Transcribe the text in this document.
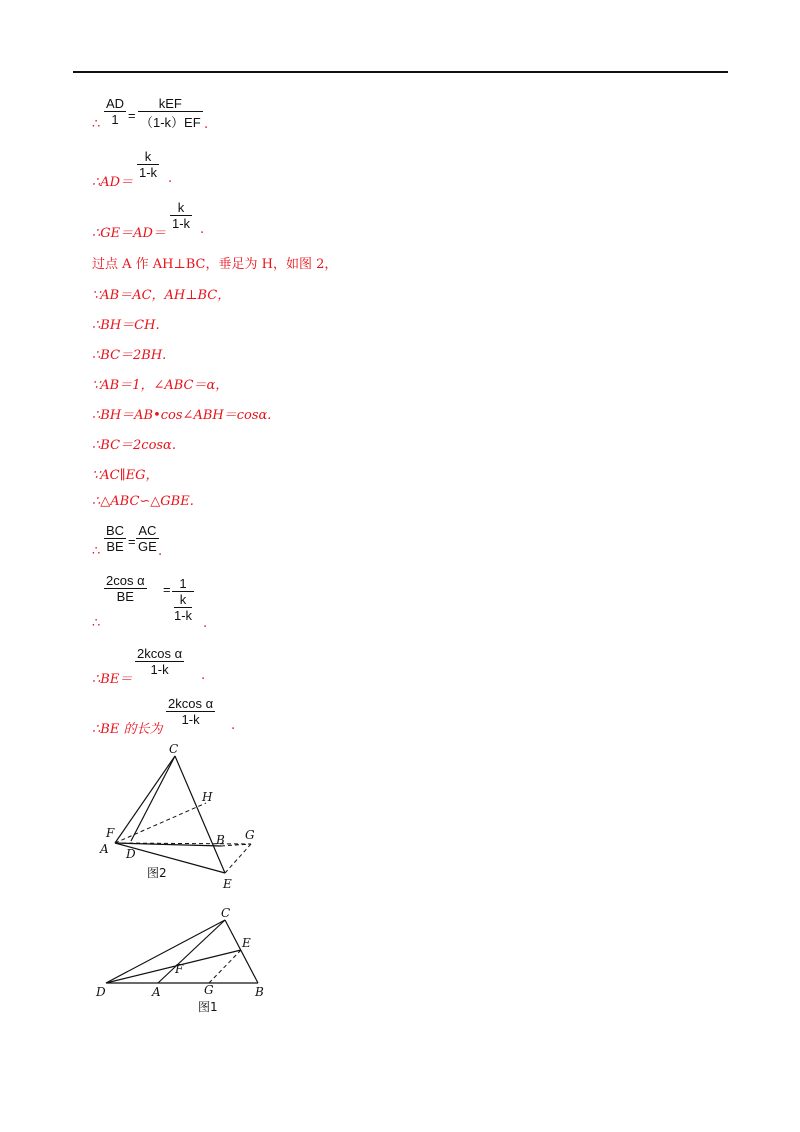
∴ $\frac{AD}{1}$ =
kEF
（1-k）EF .
∴AD＝
$\frac{k}{1-k}$ .
∴GE＝AD＝
$\frac{k}{1-k}$ .
过点 A 作 AH⊥BC，垂足为 H，如图 2，
∵AB＝AC，AH⊥BC，
∴BH＝CH.
∴BC＝2BH.
∵AB＝1，∠ABC＝α，
∴BH＝AB•cos∠ABH＝cosα.
∴BC＝2cosα.
∵AC∥EG，
∴△ABC∽△GBE.
∴ $\frac{BC}{BE} = \frac{AC}{GE}$ .
∴
$\frac{\text{2cos α}}{BE} = 1$
k
1-k
.
∴BE＝
$\frac{\text{2kcos α}}{1-k}$ .
∴BE 的长为
$\frac{\text{2kcos α}}{1-k}$ .
C
H
F
A D
B G
E
图2
C
E
F
D	A	G	B
图1
